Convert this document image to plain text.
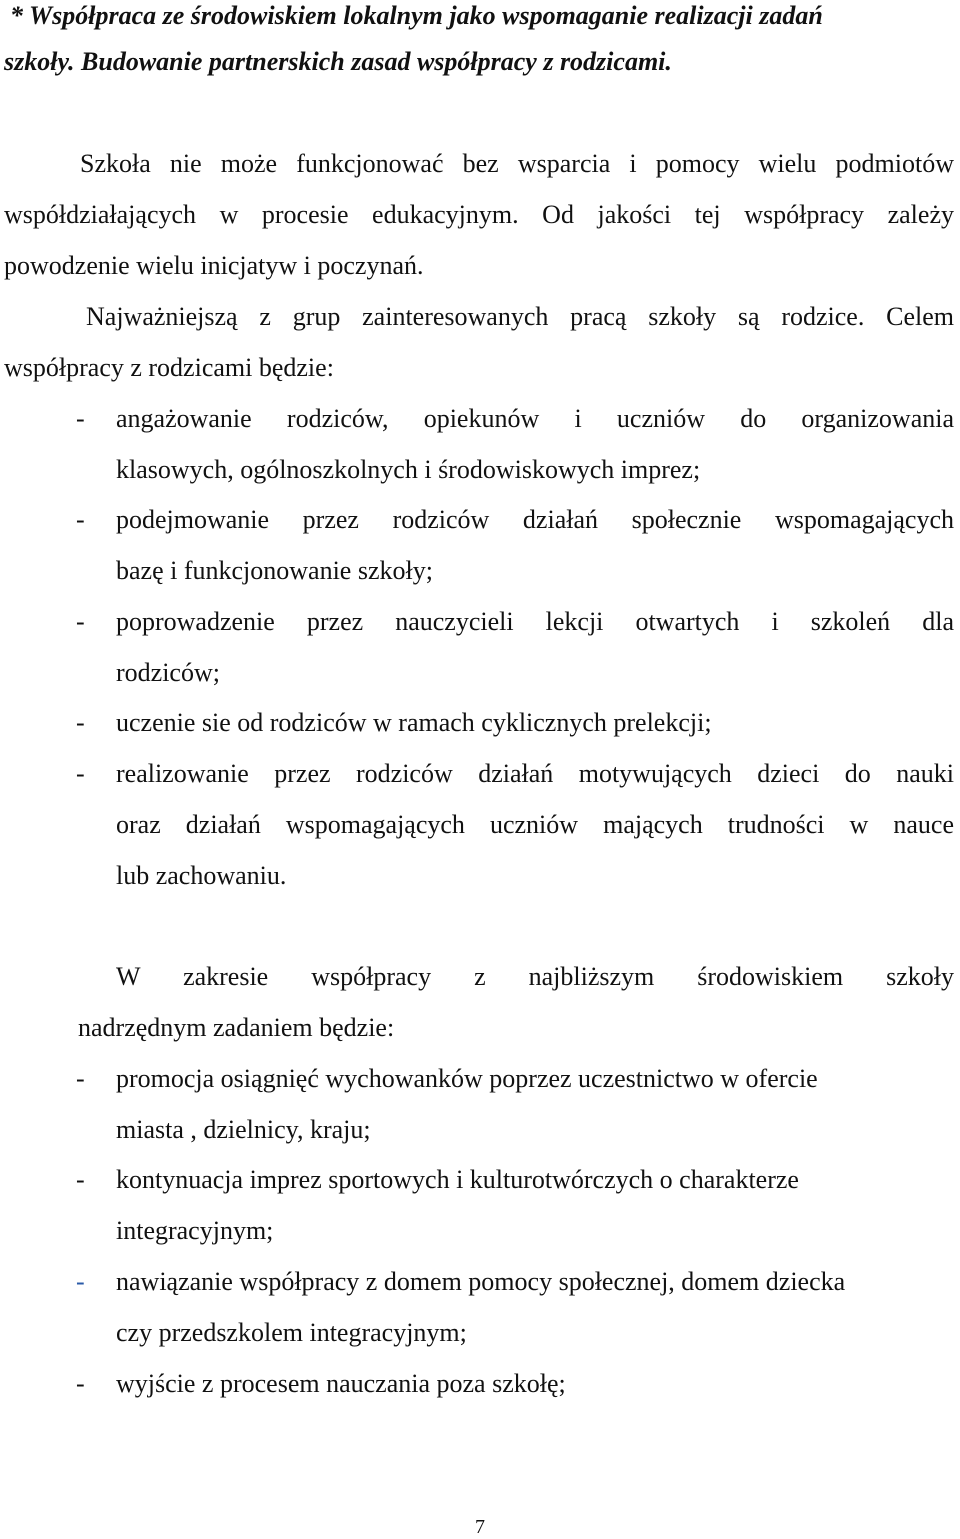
* Współpraca ze środowiskiem lokalnym jako wspomaganie realizacji zadań
szkoły. Budowanie partnerskich zasad współpracy z rodzicami.
Szkoła nie może funkcjonować bez wsparcia i pomocy wielu podmiotów
współdziałających w procesie edukacyjnym. Od jakości tej współpracy zależy
powodzenie wielu inicjatyw i poczynań.
Najważniejszą z grup zainteresowanych pracą szkoły są rodzice. Celem
współpracy z rodzicami będzie:
- angażowanie rodziców, opiekunów i uczniów do organizowania
klasowych, ogólnoszkolnych i środowiskowych imprez;
- podejmowanie przez rodziców działań społecznie wspomagających
bazę i funkcjonowanie szkoły;
- poprowadzenie przez nauczycieli lekcji otwartych i szkoleń dla
rodziców;
- uczenie sie od rodziców w ramach cyklicznych prelekcji;
- realizowanie przez rodziców działań motywujących dzieci do nauki
oraz działań wspomagających uczniów mających trudności w nauce
lub zachowaniu.
W zakresie współpracy z najbliższym środowiskiem szkoły
nadrzędnym zadaniem będzie:
- promocja osiągnięć wychowanków poprzez uczestnictwo w ofercie
miasta , dzielnicy, kraju;
- kontynuacja imprez sportowych i kulturotwórczych o charakterze
integracyjnym;
- nawiązanie współpracy z domem pomocy społecznej, domem dziecka
czy przedszkolem integracyjnym;
- wyjście z procesem nauczania poza szkołę;
7
